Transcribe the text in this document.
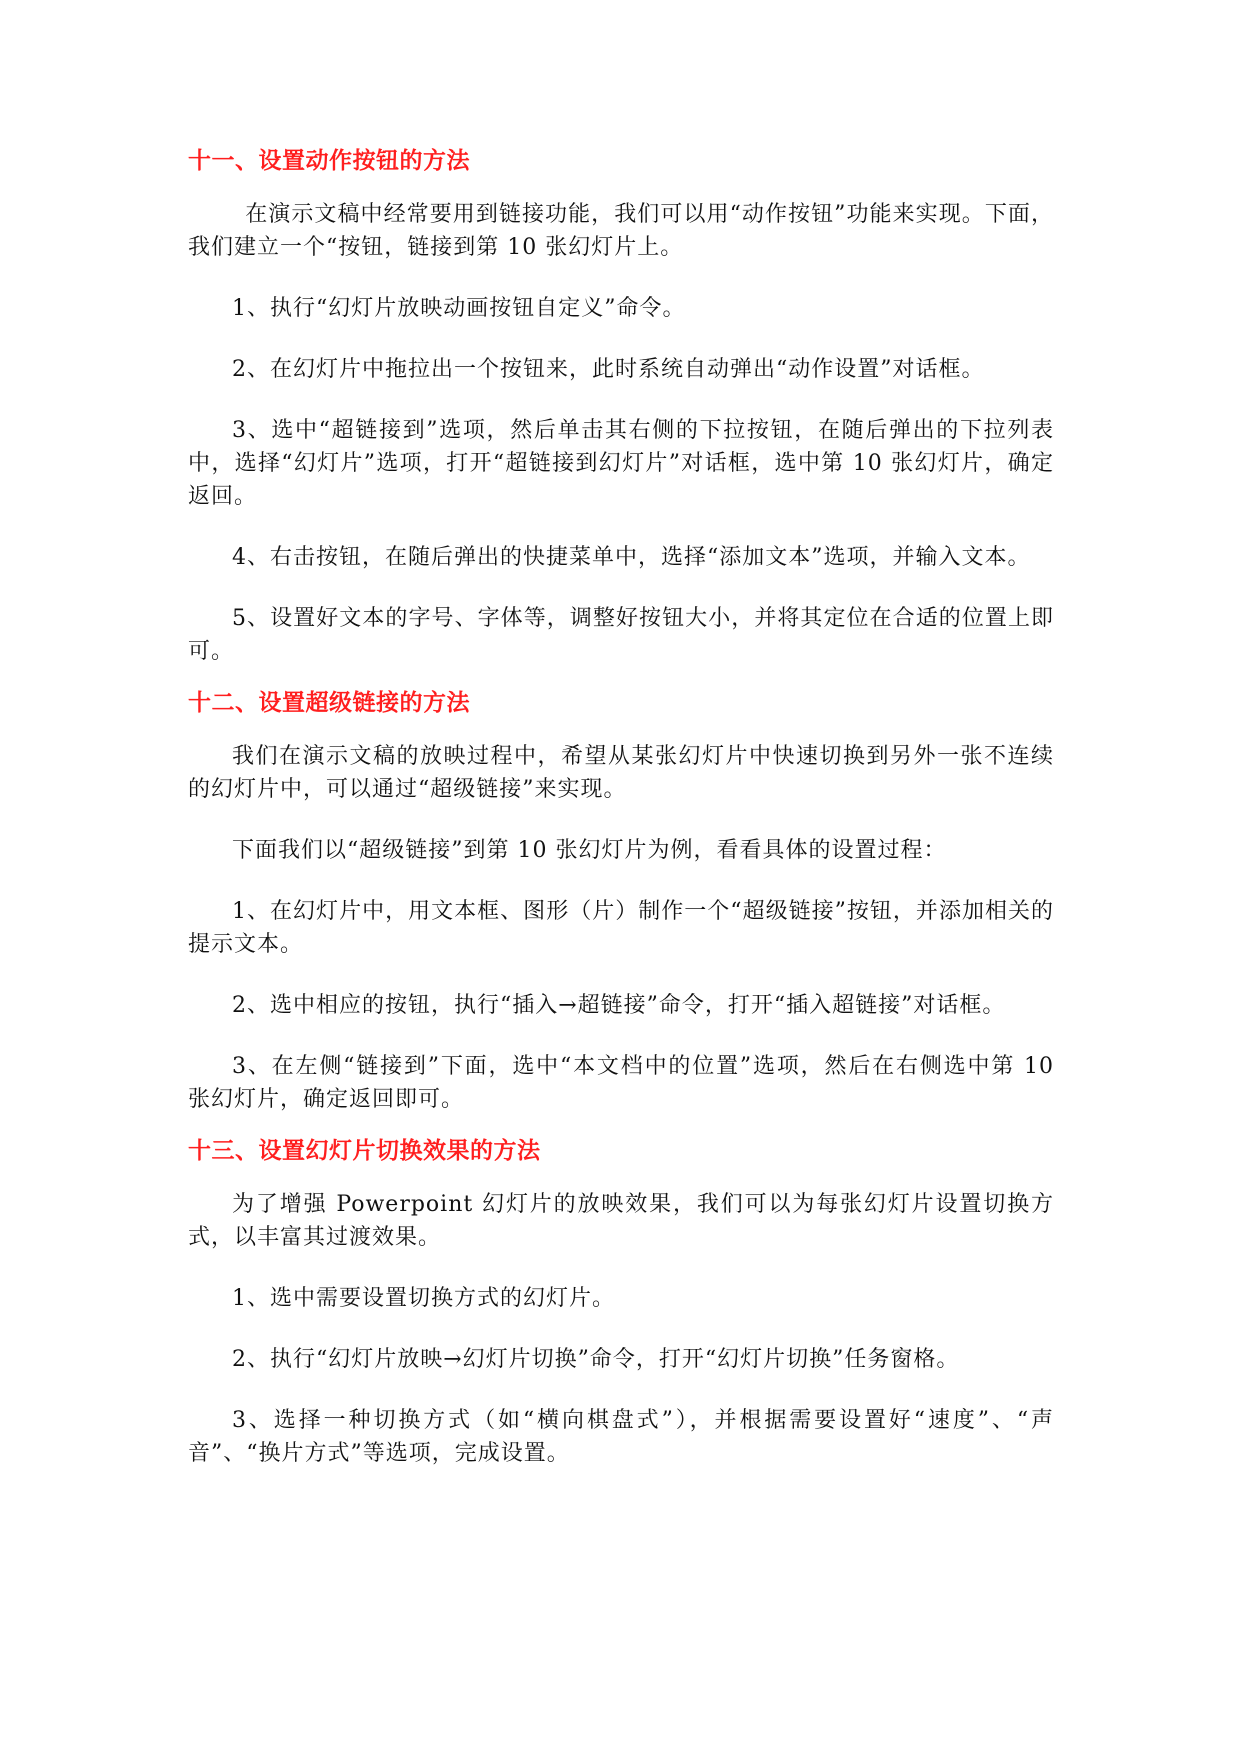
十一、设置动作按钮的方法

在演示文稿中经常要用到链接功能，我们可以用“动作按钮”功能来实现。下面，我们建立一个“按钮，链接到第 10 张幻灯片上。

1、执行“幻灯片放映动画按钮自定义”命令。

2、在幻灯片中拖拉出一个按钮来，此时系统自动弹出“动作设置”对话框。

3、选中“超链接到”选项，然后单击其右侧的下拉按钮，在随后弹出的下拉列表中，选择“幻灯片”选项，打开“超链接到幻灯片”对话框，选中第 10 张幻灯片，确定返回。

4、右击按钮，在随后弹出的快捷菜单中，选择“添加文本”选项，并输入文本。

5、设置好文本的字号、字体等，调整好按钮大小，并将其定位在合适的位置上即可。

十二、设置超级链接的方法

我们在演示文稿的放映过程中，希望从某张幻灯片中快速切换到另外一张不连续的幻灯片中，可以通过“超级链接”来实现。

下面我们以“超级链接”到第 10 张幻灯片为例，看看具体的设置过程：

1、在幻灯片中，用文本框、图形（片）制作一个“超级链接”按钮，并添加相关的提示文本。

2、选中相应的按钮，执行“插入→超链接”命令，打开“插入超链接”对话框。

3、在左侧“链接到”下面，选中“本文档中的位置”选项，然后在右侧选中第 10 张幻灯片，确定返回即可。

十三、设置幻灯片切换效果的方法

为了增强 Powerpoint 幻灯片的放映效果，我们可以为每张幻灯片设置切换方式，以丰富其过渡效果。

1、选中需要设置切换方式的幻灯片。

2、执行“幻灯片放映→幻灯片切换”命令，打开“幻灯片切换”任务窗格。

3、选择一种切换方式（如“横向棋盘式”），并根据需要设置好“速度”、“声音”、“换片方式”等选项，完成设置。
